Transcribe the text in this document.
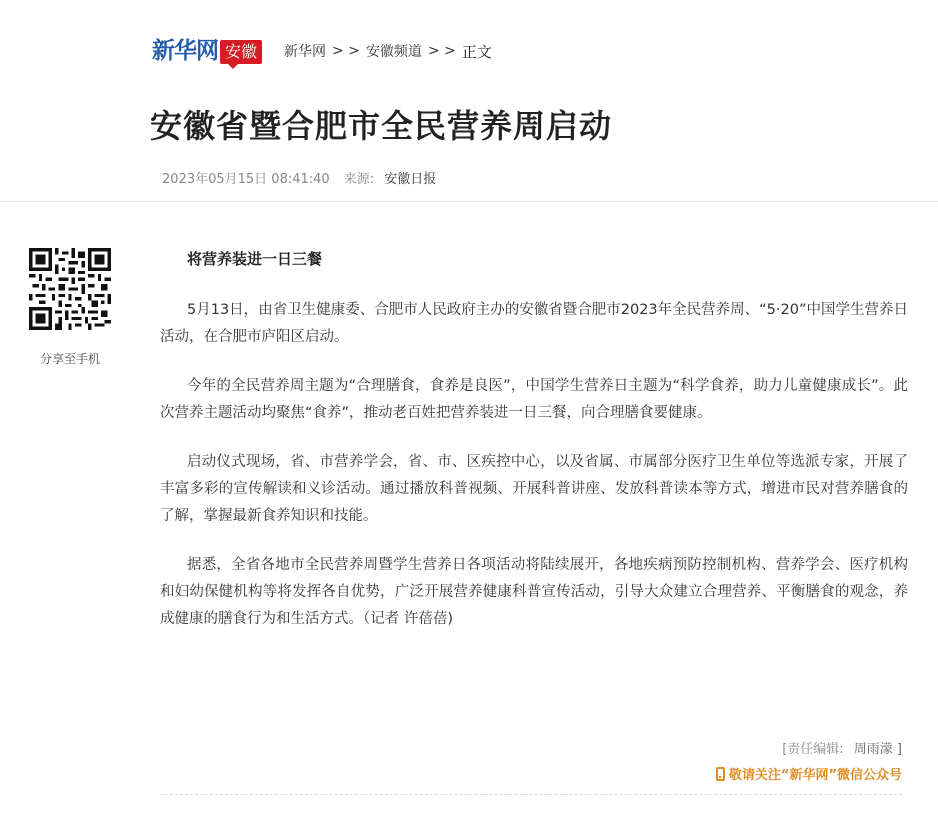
新华网 安徽	新华网 > > 安徽频道 > > 正文
安徽省暨合肥市全民营养周启动
2023年05月15日 08:41:40 来源: 安徽日报
分享至手机

将营养装进一日三餐

5月13日，由省卫生健康委、合肥市人民政府主办的安徽省暨合肥市2023年全民营养周、“5·20”中国学生营养日活动，在合肥市庐阳区启动。

今年的全民营养周主题为“合理膳食，食养是良医”，中国学生营养日主题为“科学食养，助力儿童健康成长”。此次营养主题活动均聚焦“食养”，推动老百姓把营养装进一日三餐，向合理膳食要健康。

启动仪式现场，省、市营养学会，省、市、区疾控中心，以及省属、市属部分医疗卫生单位等选派专家，开展了丰富多彩的宣传解读和义诊活动。通过播放科普视频、开展科普讲座、发放科普读本等方式，增进市民对营养膳食的了解，掌握最新食养知识和技能。

据悉，全省各地市全民营养周暨学生营养日各项活动将陆续展开，各地疾病预防控制机构、营养学会、医疗机构和妇幼保健机构等将发挥各自优势，广泛开展营养健康科普宣传活动，引导大众建立合理营养、平衡膳食的观念，养成健康的膳食行为和生活方式。（记者 许蓓蓓)

[责任编辑: 周雨濛 ]
敬请关注“新华网”微信公众号
